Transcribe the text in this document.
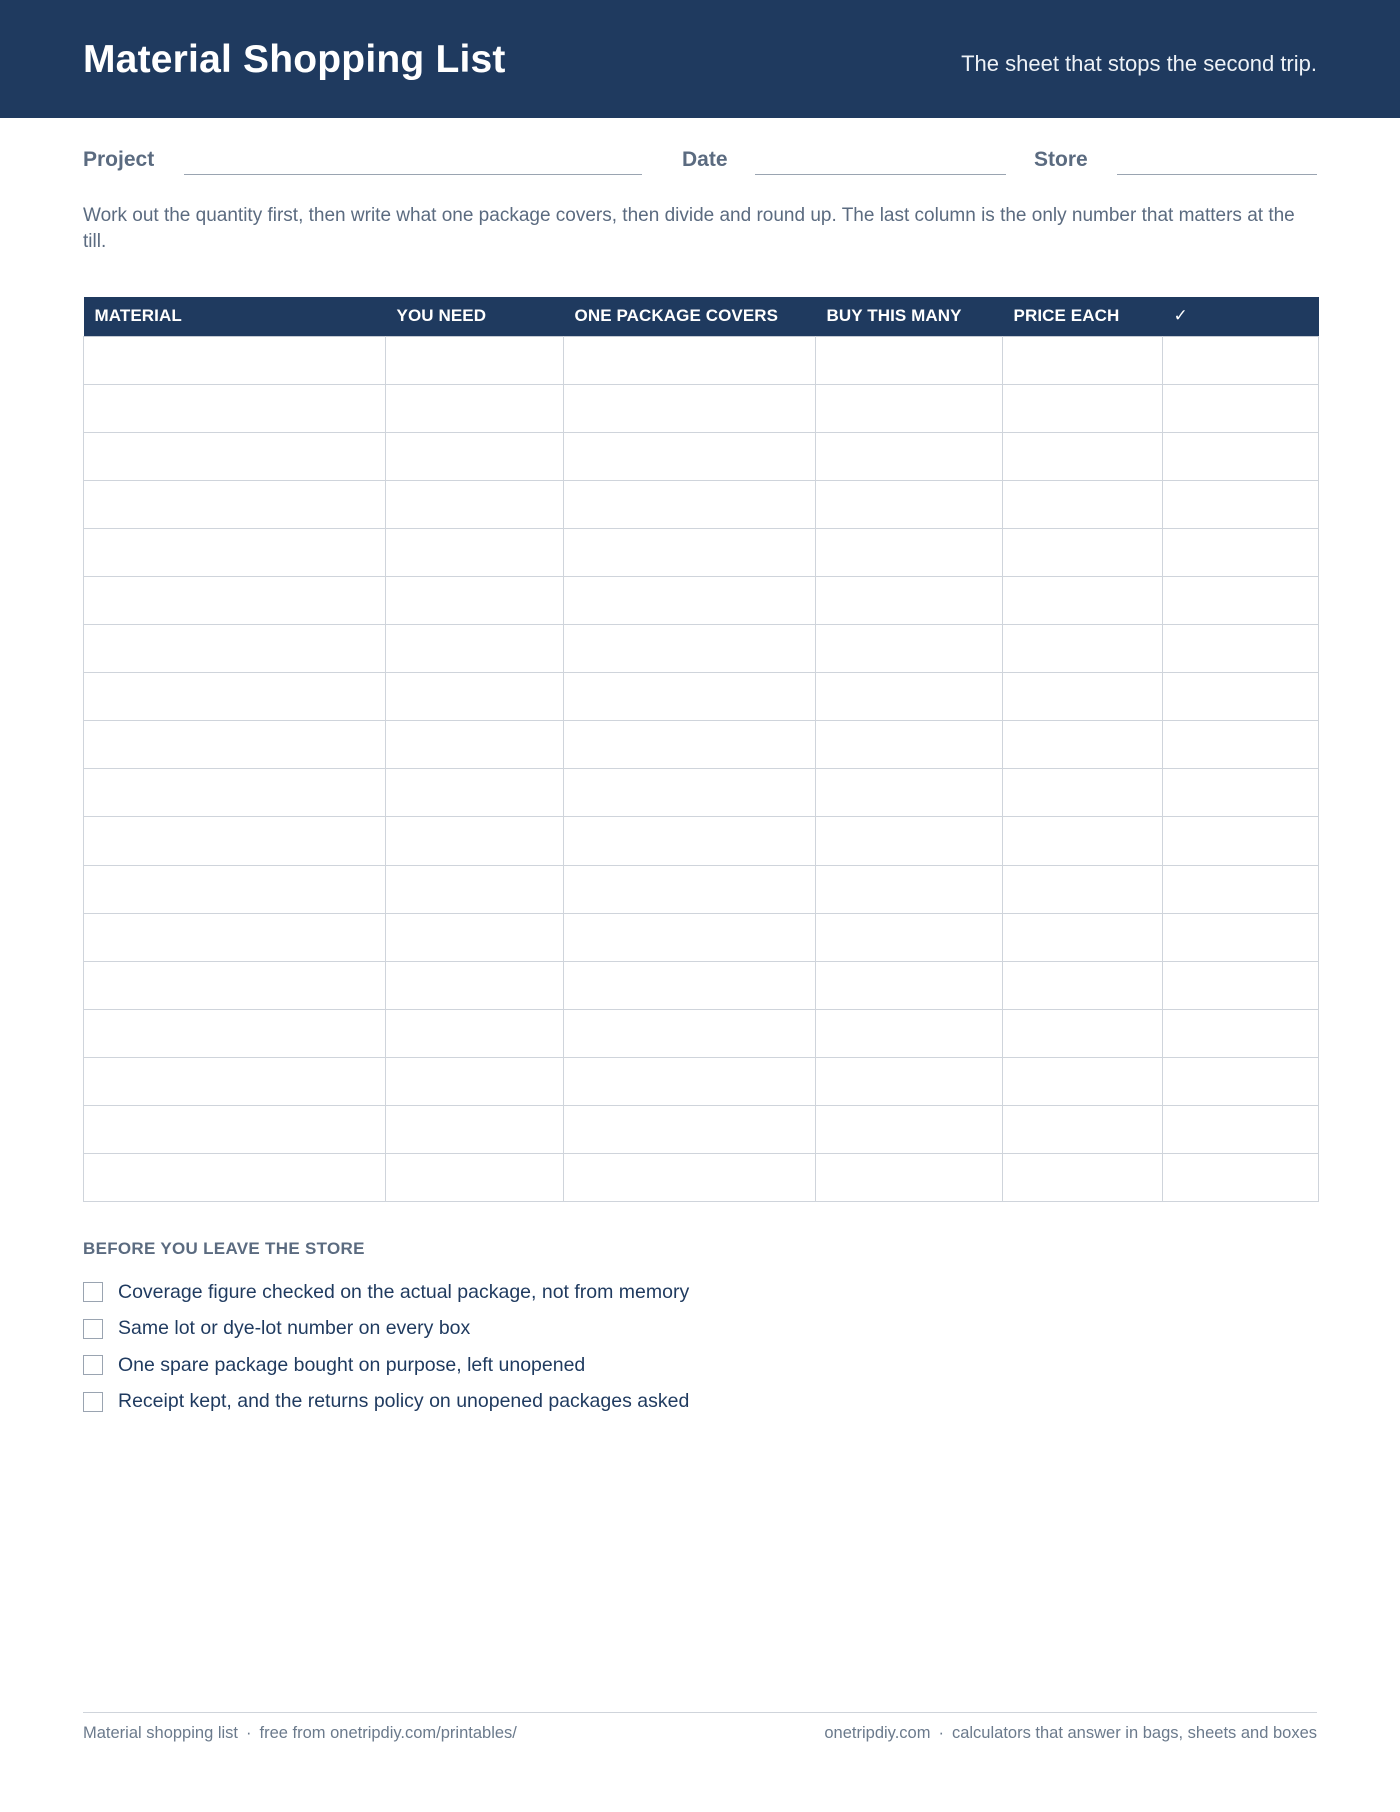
Material Shopping List	The sheet that stops the second trip.
Project	Date	Store
Work out the quantity first, then write what one package covers, then divide and round up. The last column is the only number that matters at the till.
MATERIAL	YOU NEED	ONE PACKAGE COVERS	BUY THIS MANY	PRICE EACH	✓

BEFORE YOU LEAVE THE STORE
Coverage figure checked on the actual package, not from memory
Same lot or dye-lot number on every box
One spare package bought on purpose, left unopened
Receipt kept, and the returns policy on unopened packages asked
Material shopping list · free from onetripdiy.com/printables/	onetripdiy.com · calculators that answer in bags, sheets and boxes
